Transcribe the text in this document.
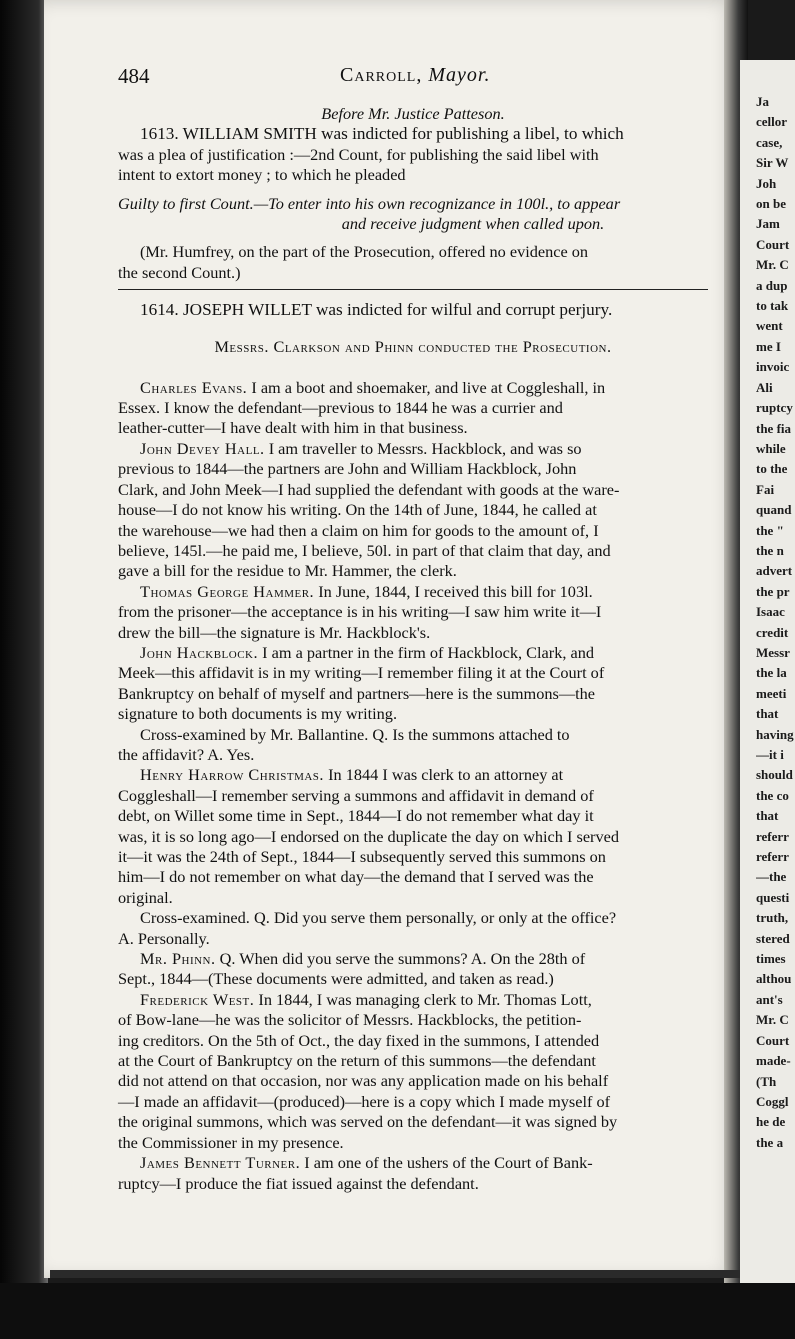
484	Carroll, Mayor.
Before Mr. Justice Patteson.

1613. WILLIAM SMITH was indicted for publishing a libel, to which

was a plea of justification :—2nd Count, for publishing the said libel with

intent to extort money ; to which he pleaded

Guilty to first Count.—To enter into his own recognizance in 100l., to appear

and receive judgment when called upon.

(Mr. Humfrey, on the part of the Prosecution, offered no evidence on

the second Count.)

1614. JOSEPH WILLET was indicted for wilful and corrupt perjury.

Messrs. Clarkson and Phinn conducted the Prosecution.

Charles Evans. I am a boot and shoemaker, and live at Coggleshall, in

Essex. I know the defendant—previous to 1844 he was a currier and

leather-cutter—I have dealt with him in that business.

John Devey Hall. I am traveller to Messrs. Hackblock, and was so

previous to 1844—the partners are John and William Hackblock, John

Clark, and John Meek—I had supplied the defendant with goods at the ware-

house—I do not know his writing. On the 14th of June, 1844, he called at

the warehouse—we had then a claim on him for goods to the amount of, I

believe, 145l.—he paid me, I believe, 50l. in part of that claim that day, and

gave a bill for the residue to Mr. Hammer, the clerk.

Thomas George Hammer. In June, 1844, I received this bill for 103l.

from the prisoner—the acceptance is in his writing—I saw him write it—I

drew the bill—the signature is Mr. Hackblock's.

John Hackblock. I am a partner in the firm of Hackblock, Clark, and

Meek—this affidavit is in my writing—I remember filing it at the Court of

Bankruptcy on behalf of myself and partners—here is the summons—the

signature to both documents is my writing.

Cross-examined by Mr. Ballantine. Q. Is the summons attached to

the affidavit? A. Yes.

Henry Harrow Christmas. In 1844 I was clerk to an attorney at

Coggleshall—I remember serving a summons and affidavit in demand of

debt, on Willet some time in Sept., 1844—I do not remember what day it

was, it is so long ago—I endorsed on the duplicate the day on which I served

it—it was the 24th of Sept., 1844—I subsequently served this summons on

him—I do not remember on what day—the demand that I served was the

original.

Cross-examined. Q. Did you serve them personally, or only at the office?

A. Personally.

Mr. Phinn. Q. When did you serve the summons? A. On the 28th of

Sept., 1844—(These documents were admitted, and taken as read.)

Frederick West. In 1844, I was managing clerk to Mr. Thomas Lott,

of Bow-lane—he was the solicitor of Messrs. Hackblocks, the petition-

ing creditors. On the 5th of Oct., the day fixed in the summons, I attended

at the Court of Bankruptcy on the return of this summons—the defendant

did not attend on that occasion, nor was any application made on his behalf

—I made an affidavit—(produced)—here is a copy which I made myself of

the original summons, which was served on the defendant—it was signed by

the Commissioner in my presence.

James Bennett Turner. I am one of the ushers of the Court of Bank-

ruptcy—I produce the fiat issued against the defendant.

Ja
cellor
case,
Sir W
Joh
on be
Jam
Court
Mr. C
a dup
to tak
went
me I
invoic
Ali
ruptcy
the fia
while
to the
Fai
quand
the "
the n
advert
the pr
Isaac
credit
Messr
the la
meeti
that
having
—it i
should
the co
that
referr
referr
—the
questi
truth,
stered
times
althou
ant's
Mr. C
Court
made-
(Th
Coggl
he de
the a
